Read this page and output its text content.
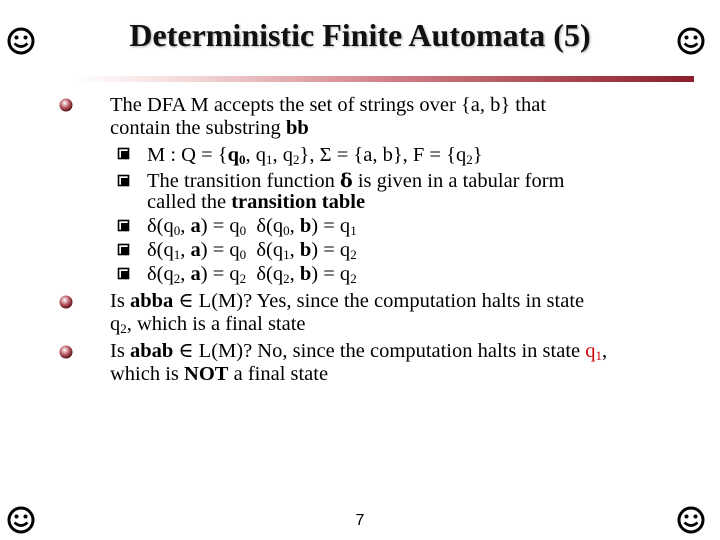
Deterministic Finite Automata (5)
The DFA M accepts the set of strings over {a, b} that
contain the substring bb
M : $Q = \{q_0$, $q_1$, $q_2$}, Σ = {a, b}, $F = \{q_2\}$
The transition function δ is given in a tabular form
called the transition table
$\delta(q_0$, $a) = q_0$  $\delta(q_0$, $b) = q_1$
$\delta(q_1$, $a) = q_0$  $\delta(q_1$, $b) = q_2$
$\delta(q_2$, $a) = q_2$  $\delta(q_2$, $b) = q_2$
Is abba ∈ L(M)? Yes, since the computation halts in state
$q_2$, which is a final state
Is abab ∈ L(M)? No, since the computation halts in state $q_1$,
which is NOT a final state
7
